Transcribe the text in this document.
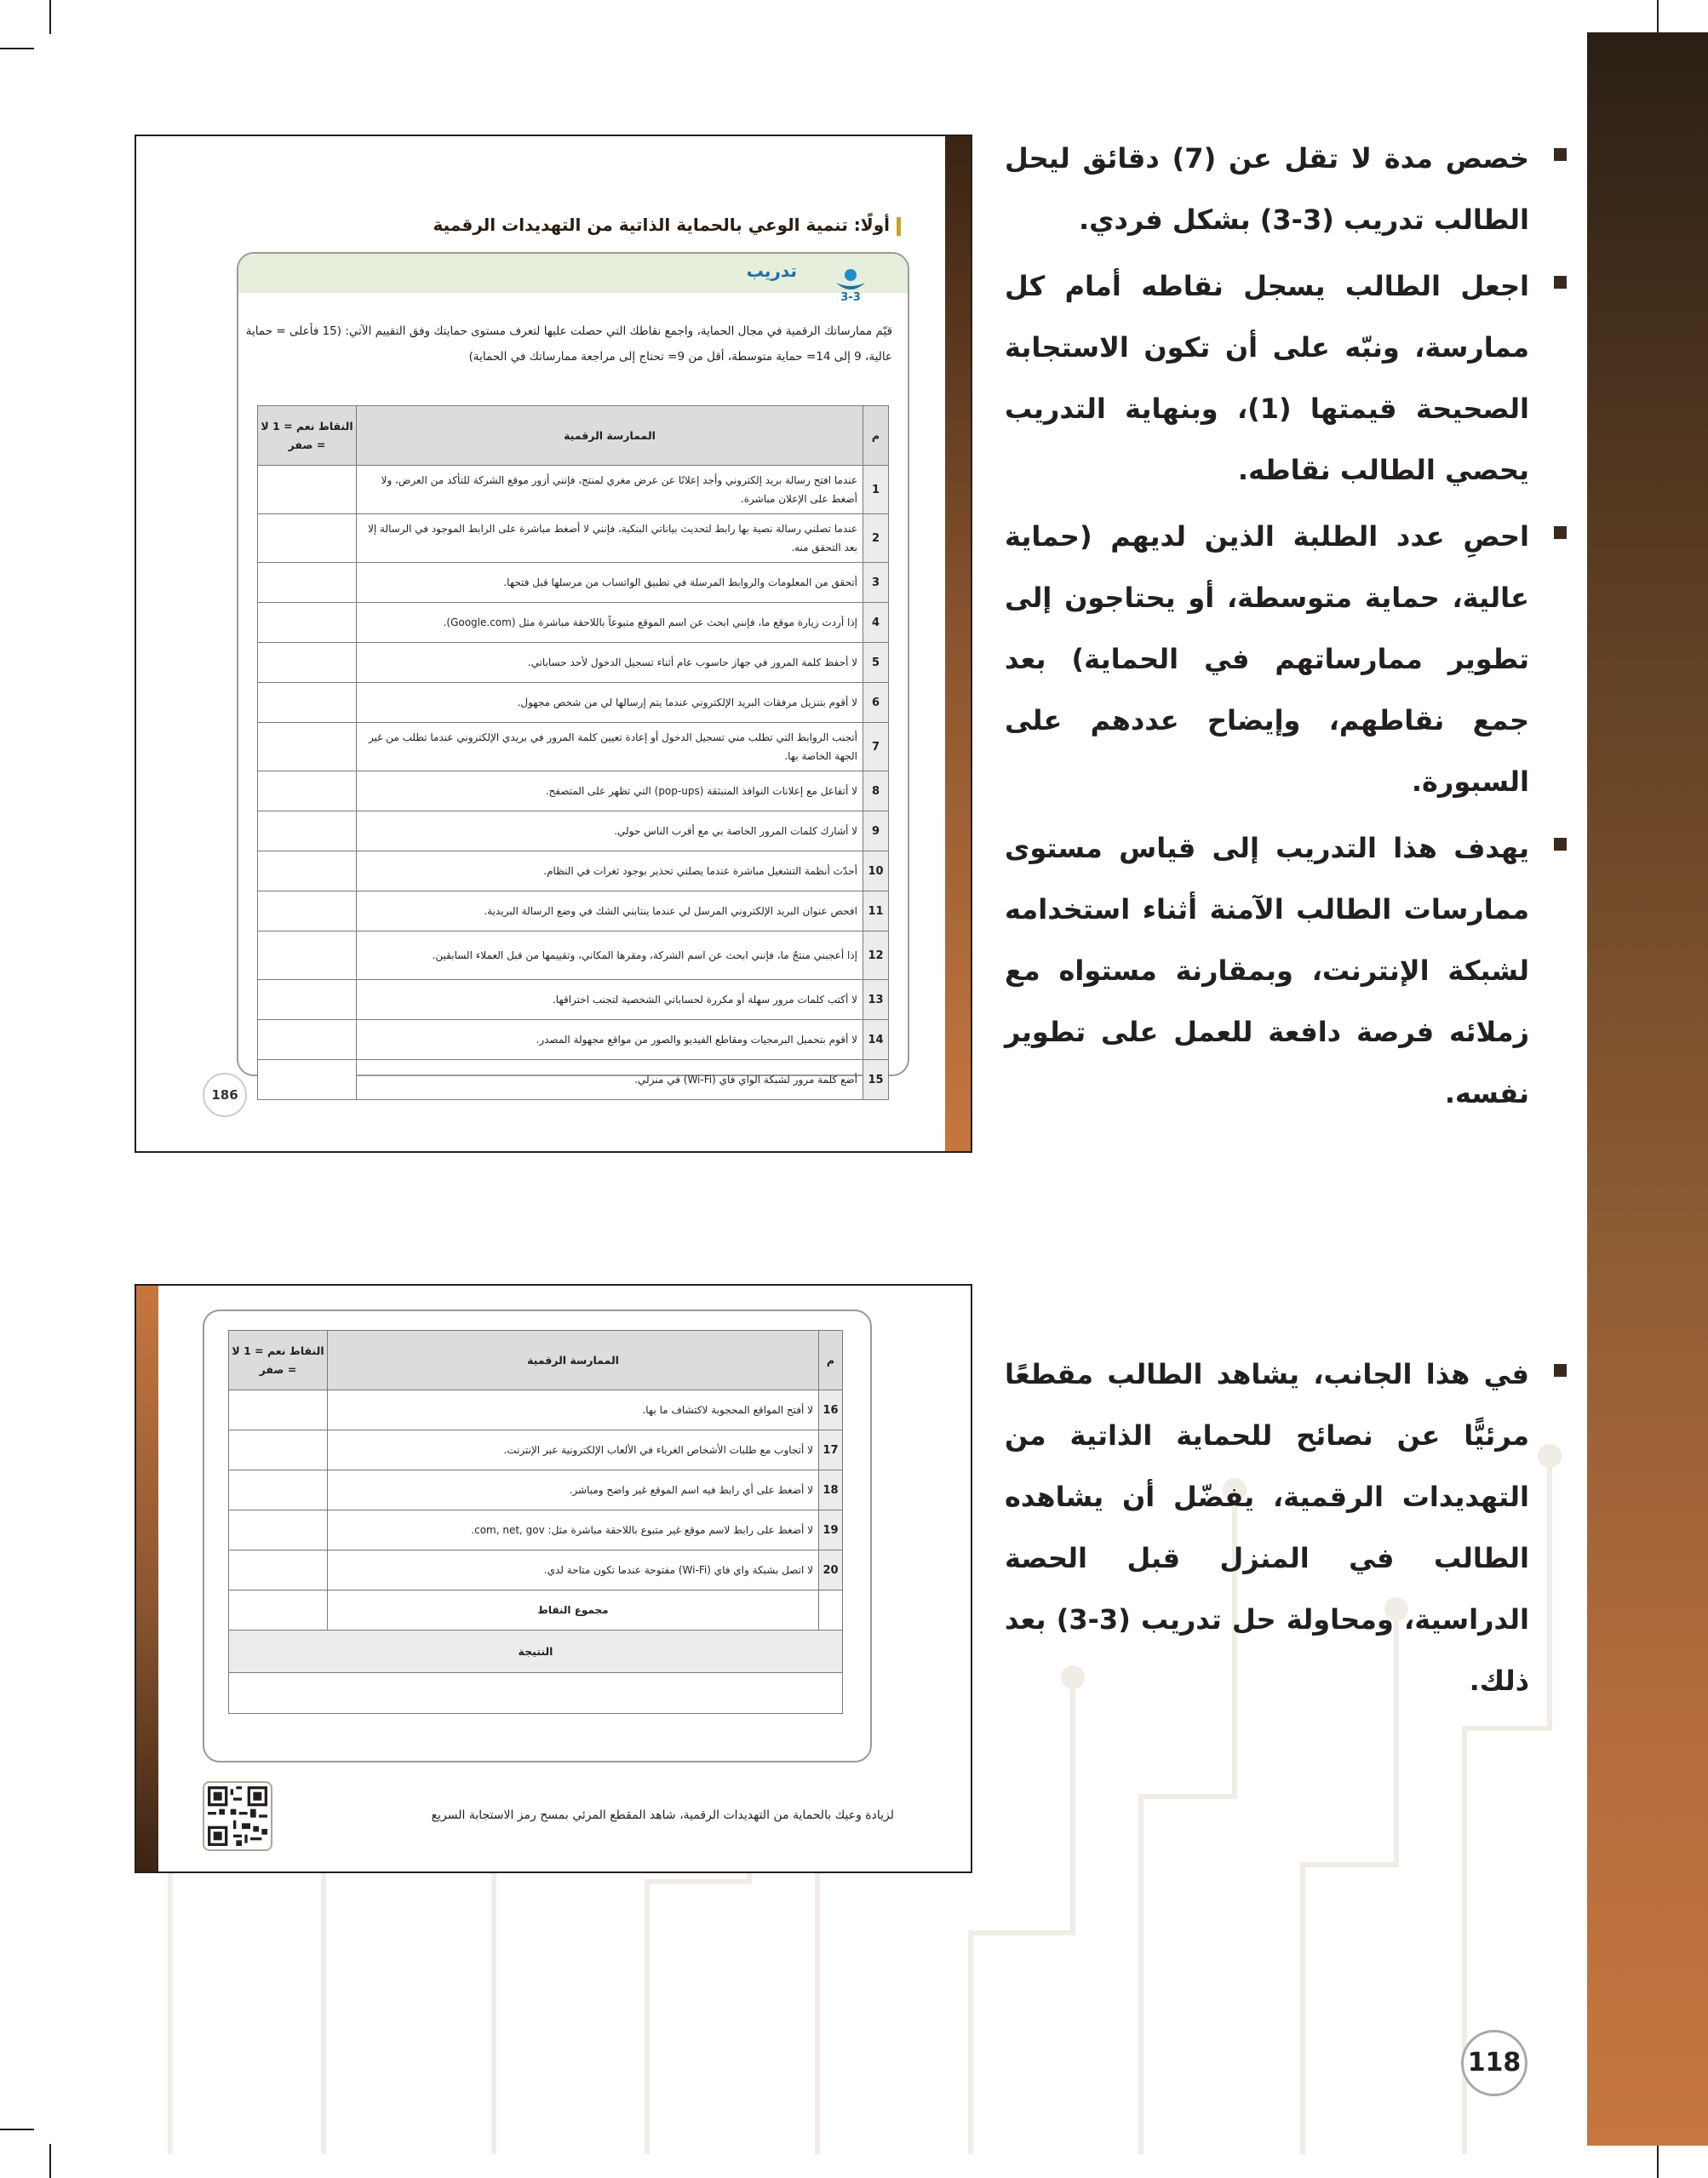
خصص مدة لا تقل عن (7) دقائق ليحل الطالب تدريب (3-3) بشكل فردي.

اجعل الطالب يسجل نقاطه أمام كل ممارسة، ونبّه على أن تكون الاستجابة الصحيحة قيمتها (1)، وبنهاية التدريب يحصي الطالب نقاطه.

احصِ عدد الطلبة الذين لديهم (حماية عالية، حماية متوسطة، أو يحتاجون إلى تطوير ممارساتهم في الحماية) بعد جمع نقاطهم، وإيضاح عددهم على السبورة.

يهدف هذا التدريب إلى قياس مستوى ممارسات الطالب الآمنة أثناء استخدامه لشبكة الإنترنت، وبمقارنة مستواه مع زملائه فرصة دافعة للعمل على تطوير نفسه.

في هذا الجانب، يشاهد الطالب مقطعًا مرئيًّا عن نصائح للحماية الذاتية من التهديدات الرقمية، يفضّل أن يشاهده الطالب في المنزل قبل الحصة الدراسية، ومحاولة حل تدريب (3-3) بعد ذلك.

أولًا: تنمية الوعي بالحماية الذاتية من التهديدات الرقمية
تدريب
3-3

قيّم ممارساتك الرقمية في مجال الحماية، واجمع نقاطك التي حصلت عليها لتعرف مستوى حمايتك وفق التقييم الآتي: (15 فأعلى = حماية عالية، 9 إلى 14= حماية متوسطة، أقل من 9= تحتاج إلى مراجعة ممارساتك في الحماية)

م	الممارسة الرقمية	النقاط نعم = 1 لا = صفر
1	عندما افتح رسالة بريد إلكتروني وأجد إعلانًا عن عرض مغري لمنتج، فإنني أزور موقع الشركة للتأكد من العرض، ولا أضغط على الإعلان مباشرة.	
2	عندما تصلني رسالة نصية بها رابط لتحديث بياناتي البنكية، فإنني لا أضغط مباشرة على الرابط الموجود في الرسالة إلا بعد التحقق منه.	
3	أتحقق من المعلومات والروابط المرسلة في تطبيق الواتساب من مرسلها قبل فتحها.	
4	إذا أردت زيارة موقع ما، فإنني ابحث عن اسم الموقع متبوعاً باللاحقة مباشرة مثل (Google.com).	
5	لا أحفظ كلمة المرور في جهاز حاسوب عام أثناء تسجيل الدخول لأحد حساباتي.	
6	لا أقوم بتنزيل مرفقات البريد الإلكتروني عندما يتم إرسالها لي من شخص مجهول.	
7	أتجنب الروابط التي تطلب مني تسجيل الدخول أو إعادة تعيين كلمة المرور في بريدي الإلكتروني عندما تطلب من غير الجهة الخاصة بها.	
8	لا أتفاعل مع إعلانات النوافذ المنبثقة (pop-ups) التي تظهر على المتصفح.	
9	لا أشارك كلمات المرور الخاصة بي مع أقرب الناس حولي.	
10	أحدّث أنظمة التشغيل مباشرة عندما يصلني تحذير بوجود ثغرات في النظام.	
11	افحص عنوان البريد الإلكتروني المرسل لي عندما ينتابني الشك في وضع الرسالة البريدية.	
12	إذا أعجبني منتجٌ ما، فإنني ابحث عن اسم الشركة، ومقرها المكاني، وتقييمها من قبل العملاء السابقين.	
13	لا أكتب كلمات مرور سهلة أو مكررة لحساباتي الشخصية لتجنب اختراقها.	
14	لا أقوم بتحميل البرمجيات ومقاطع الفيديو والصور من مواقع مجهولة المصدر.	
15	أضع كلمة مرور لشبكة الواي فاي (Wi-Fi) في منزلي.	
186
م	الممارسة الرقمية	النقاط نعم = 1 لا = صفر
16	لا أفتح المواقع المحجوبة لاكتشاف ما بها.	
17	لا أتجاوب مع طلبات الأشخاص الغرباء في الألعاب الإلكترونية عبر الإنترنت.	
18	لا أضغط على أي رابط فيه اسم الموقع غير واضح ومباشر.	
19	لا أضغط على رابط لاسم موقع غير متبوع باللاحقة مباشرة مثل: com, net, gov.	
20	لا اتصل بشبكة واي فاي (Wi-Fi) مفتوحة عندما تكون متاحة لدي.	
	مجموع النقاط	
النتيجة		

لزيادة وعيك بالحماية من التهديدات الرقمية، شاهد المقطع المرئي بمسح رمز الاستجابة السريع

118
